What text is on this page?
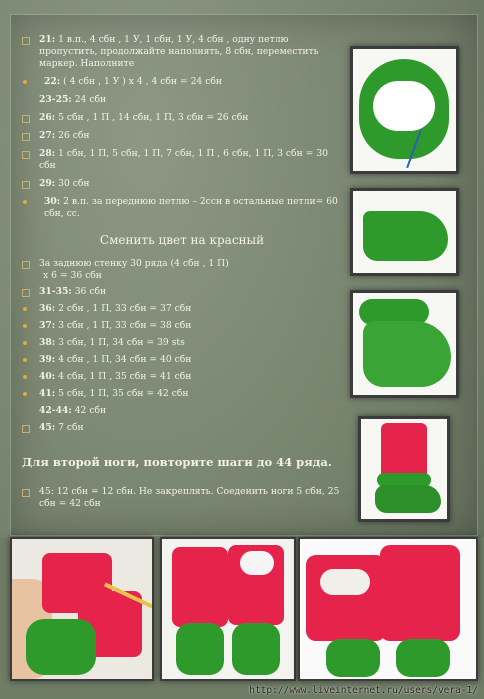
21: 1 в.п., 4 сбн , 1 У, 1 сбн, 1 У, 4 сбн , одну петлю пропустить, продолжайте наполнять, 8 сбн, переместить маркер. Наполните
22: ( 4 сбн , 1 У ) х 4 , 4 сбн = 24 сбн
23-25: 24 сбн
26: 5 сбн , 1 П , 14 сбн, 1 П, 3 сбн = 26 сбн
27: 26 сбн
28: 1 сбн, 1 П, 5 сбн, 1 П, 7 сбн, 1 П , 6 сбн, 1 П, 3 сбн = 30 сбн
29: 30 сбн
30: 2 в.п. за переднюю петлю – 2ссн в остальные петли= 60 сбн, сс.
Сменить цвет на красный
За заднюю стенку 30 ряда (4 сбн , 1 П)
х 6 = 36 сбн
31-35: 36 сбн
36: 2 сбн , 1 П, 33 сбн = 37 сбн
37: 3 сбн , 1 П, 33 сбн = 38 сбн
38: 3 сбн, 1 П, 34 сбн = 39 sts
39: 4 сбн , 1 П, 34 сбн = 40 сбн
40: 4 сбн, 1 П , 35 сбн = 41 сбн
41: 5 сбн, 1 П, 35 сбн = 42 сбн
42-44: 42 сбн
45: 7 сбн
Для второй ноги, повторите шаги до 44 ряда.
45: 12 сбн = 12 сбн. Не закреплять. Соеденить ноги 5 сбн, 25 сбн = 42 сбн
http://www.liveinternet.ru/users/vera-1/
